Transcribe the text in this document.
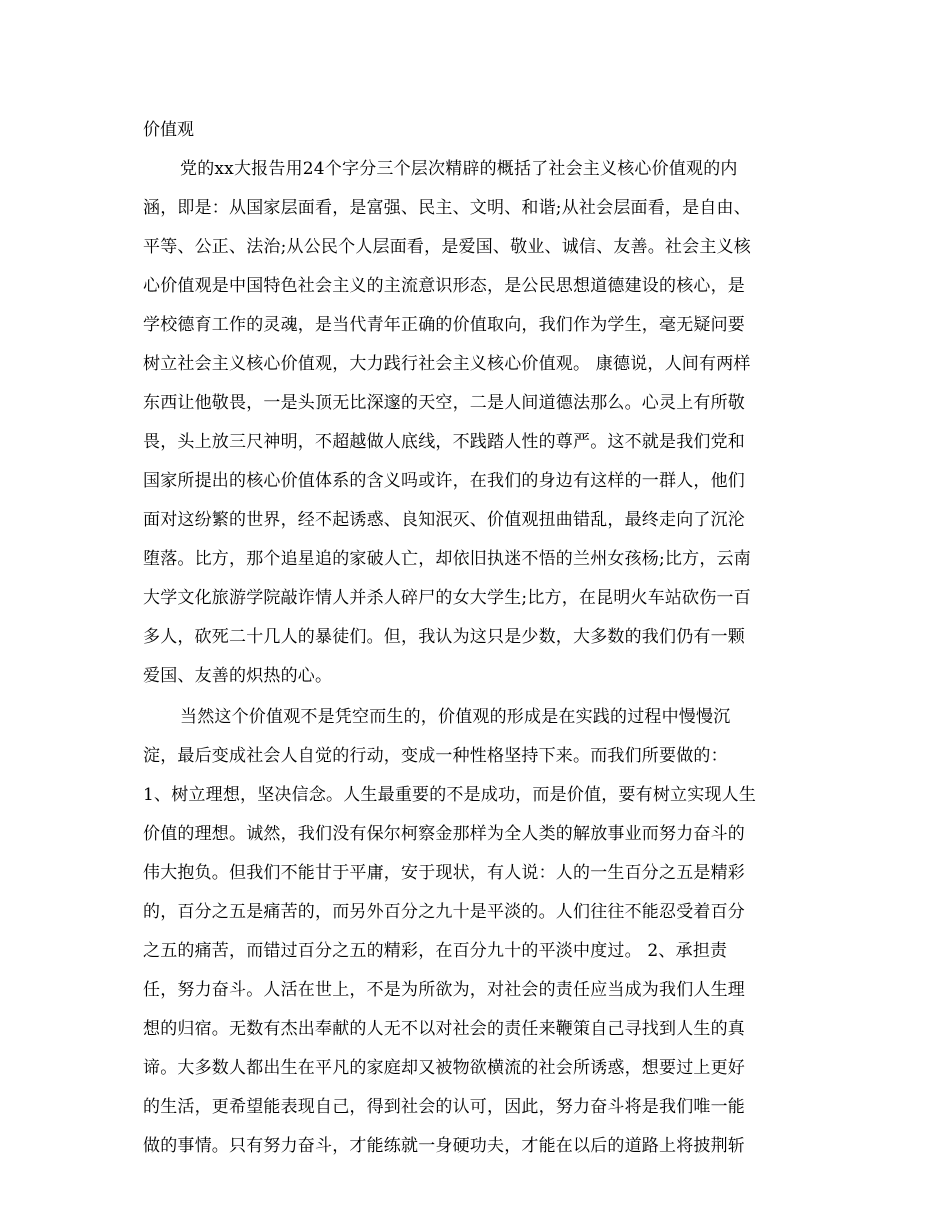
价值观
党的xx大报告用24个字分三个层次精辟的概括了社会主义核心价值观的内
涵，即是：从国家层面看，是富强、民主、文明、和谐;从社会层面看，是自由、
平等、公正、法治;从公民个人层面看，是爱国、敬业、诚信、友善。社会主义核
心价值观是中国特色社会主义的主流意识形态，是公民思想道德建设的核心，是
学校德育工作的灵魂，是当代青年正确的价值取向，我们作为学生，毫无疑问要
树立社会主义核心价值观，大力践行社会主义核心价值观。 康德说，人间有两样
东西让他敬畏，一是头顶无比深邃的天空，二是人间道德法那么。心灵上有所敬
畏，头上放三尺神明，不超越做人底线，不践踏人性的尊严。这不就是我们党和
国家所提出的核心价值体系的含义吗或许，在我们的身边有这样的一群人，他们
面对这纷繁的世界，经不起诱惑、良知泯灭、价值观扭曲错乱，最终走向了沉沦
堕落。比方，那个追星追的家破人亡，却依旧执迷不悟的兰州女孩杨;比方，云南
大学文化旅游学院敲诈情人并杀人碎尸的女大学生;比方，在昆明火车站砍伤一百
多人，砍死二十几人的暴徒们。但，我认为这只是少数，大多数的我们仍有一颗
爱国、友善的炽热的心。
当然这个价值观不是凭空而生的，价值观的形成是在实践的过程中慢慢沉
淀，最后变成社会人自觉的行动，变成一种性格坚持下来。而我们所要做的：
1、树立理想，坚决信念。人生最重要的不是成功，而是价值，要有树立实现人生
价值的理想。诚然，我们没有保尔柯察金那样为全人类的解放事业而努力奋斗的
伟大抱负。但我们不能甘于平庸，安于现状，有人说：人的一生百分之五是精彩
的，百分之五是痛苦的，而另外百分之九十是平淡的。人们往往不能忍受着百分
之五的痛苦，而错过百分之五的精彩，在百分九十的平淡中度过。 2、承担责
任，努力奋斗。人活在世上，不是为所欲为，对社会的责任应当成为我们人生理
想的归宿。无数有杰出奉献的人无不以对社会的责任来鞭策自己寻找到人生的真
谛。大多数人都出生在平凡的家庭却又被物欲横流的社会所诱惑，想要过上更好
的生活，更希望能表现自己，得到社会的认可，因此，努力奋斗将是我们唯一能
做的事情。只有努力奋斗，才能练就一身硬功夫，才能在以后的道路上将披荆斩
